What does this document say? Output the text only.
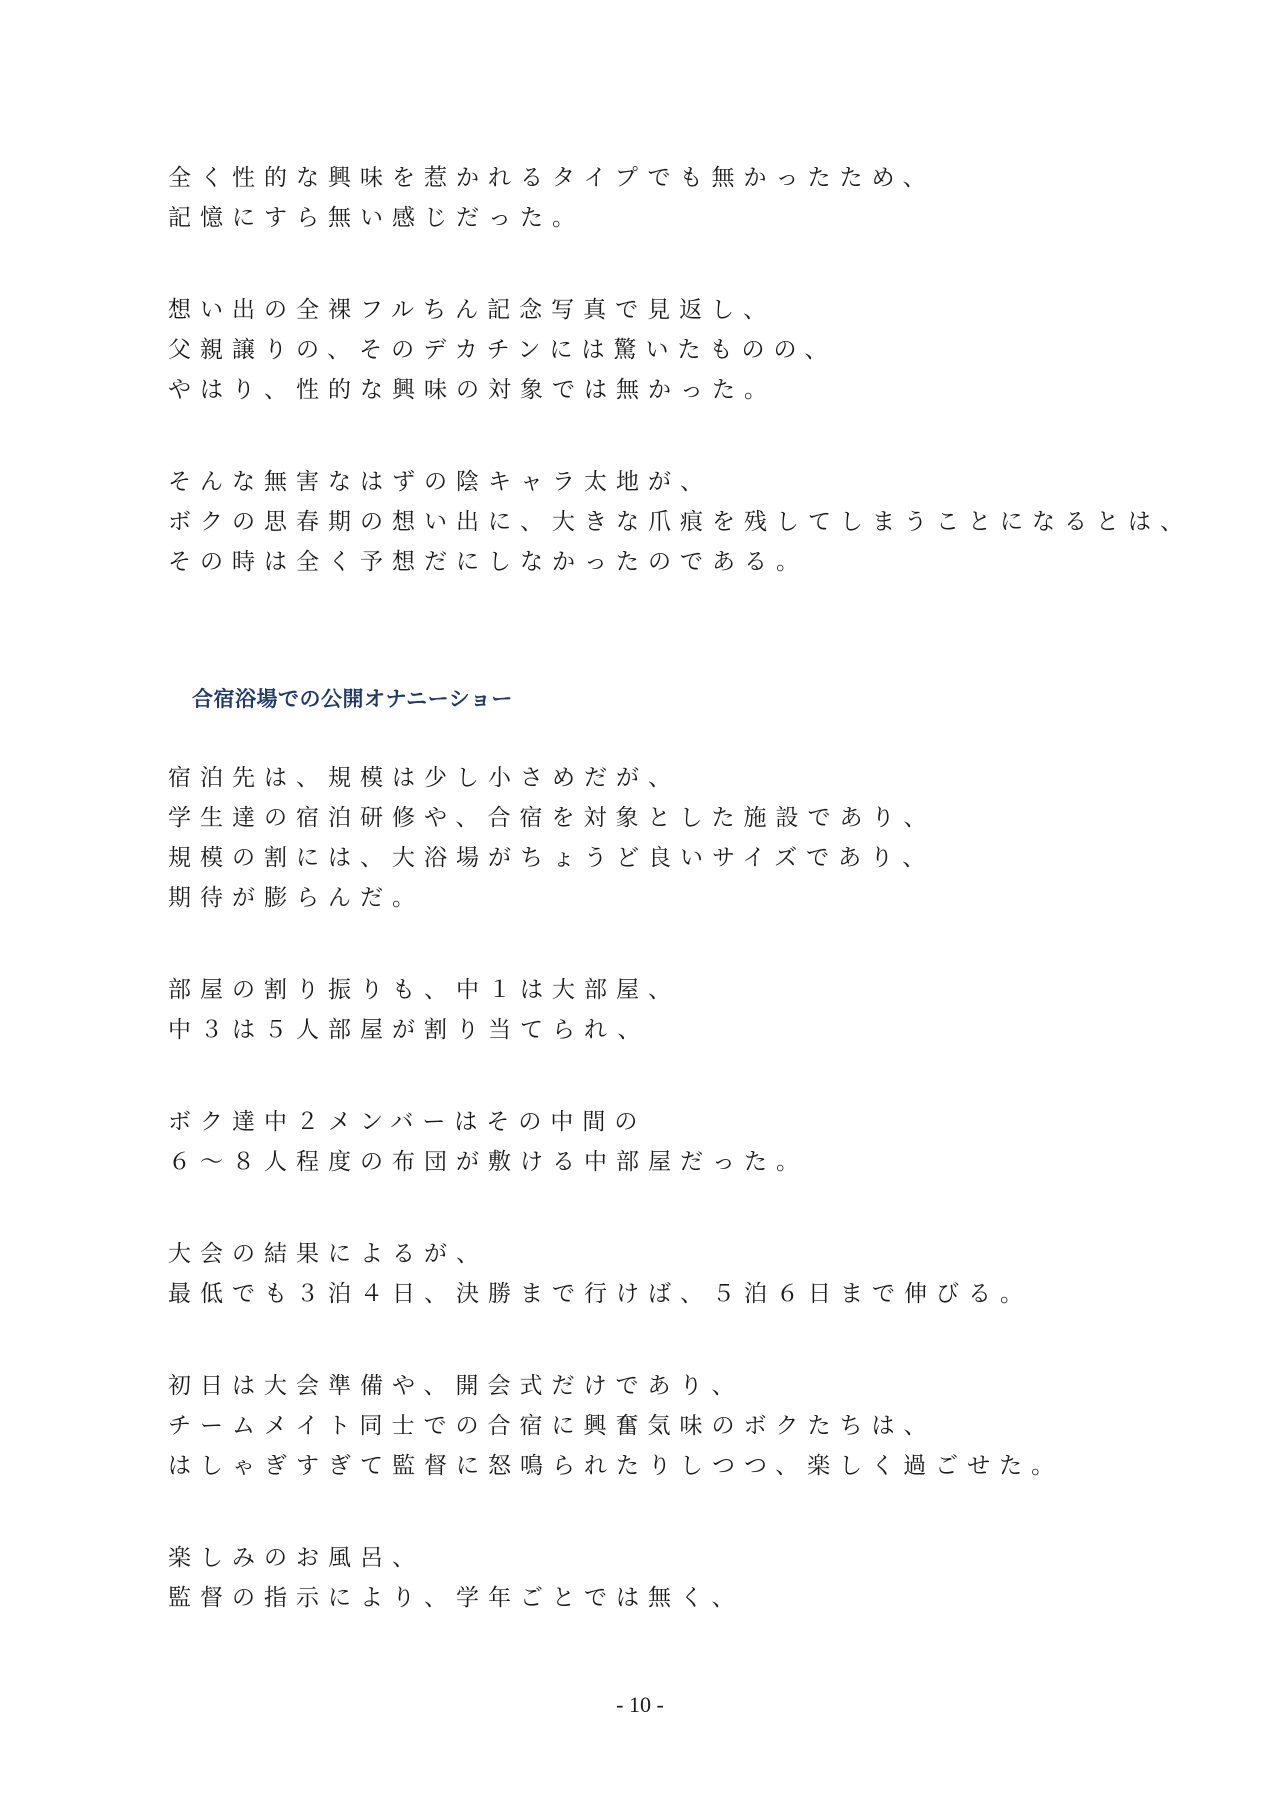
全く性的な興味を惹かれるタイプでも無かったため、
記憶にすら無い感じだった。
想い出の全裸フルちん記念写真で見返し、
父親譲りの、そのデカチンには驚いたものの、
やはり、性的な興味の対象では無かった。
そんな無害なはずの陰キャラ太地が、
ボクの思春期の想い出に、大きな爪痕を残してしまうことになるとは、
その時は全く予想だにしなかったのである。
合宿浴場での公開オナニーショー
宿泊先は、規模は少し小さめだが、
学生達の宿泊研修や、合宿を対象とした施設であり、
規模の割には、大浴場がちょうど良いサイズであり、
期待が膨らんだ。
部屋の割り振りも、中１は大部屋、
中３は５人部屋が割り当てられ、
ボク達中２メンバーはその中間の
６～８人程度の布団が敷ける中部屋だった。
大会の結果によるが、
最低でも３泊４日、決勝まで行けば、５泊６日まで伸びる。
初日は大会準備や、開会式だけであり、
チームメイト同士での合宿に興奮気味のボクたちは、
はしゃぎすぎて監督に怒鳴られたりしつつ、楽しく過ごせた。
楽しみのお風呂、
監督の指示により、学年ごとでは無く、
- 10 -
